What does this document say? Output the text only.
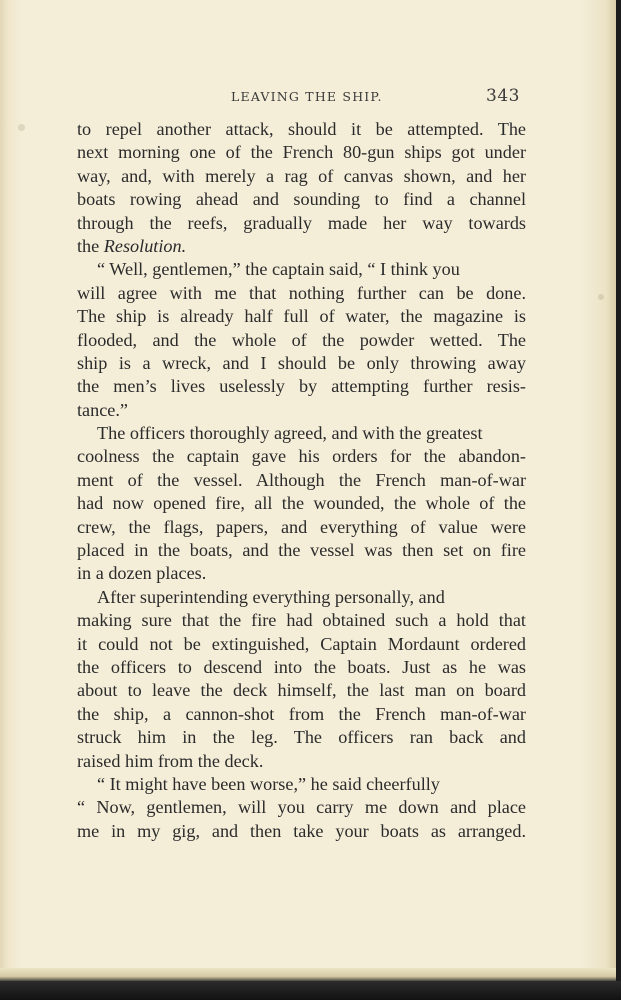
LEAVING THE SHIP.	343
to repel another attack, should it be attempted. The
next morning one of the French 80-gun ships got under
way, and, with merely a rag of canvas shown, and her
boats rowing ahead and sounding to find a channel
through the reefs, gradually made her way towards
the Resolution.
“ Well, gentlemen,” the captain said, “ I think you
will agree with me that nothing further can be done.
The ship is already half full of water, the magazine is
flooded, and the whole of the powder wetted. The
ship is a wreck, and I should be only throwing away
the men’s lives uselessly by attempting further resis-
tance.”
The officers thoroughly agreed, and with the greatest
coolness the captain gave his orders for the abandon-
ment of the vessel. Although the French man-of-war
had now opened fire, all the wounded, the whole of the
crew, the flags, papers, and everything of value were
placed in the boats, and the vessel was then set on fire
in a dozen places.
After superintending everything personally, and
making sure that the fire had obtained such a hold that
it could not be extinguished, Captain Mordaunt ordered
the officers to descend into the boats. Just as he was
about to leave the deck himself, the last man on board
the ship, a cannon-shot from the French man-of-war
struck him in the leg. The officers ran back and
raised him from the deck.
“ It might have been worse,” he said cheerfully
“ Now, gentlemen, will you carry me down and place
me in my gig, and then take your boats as arranged.
